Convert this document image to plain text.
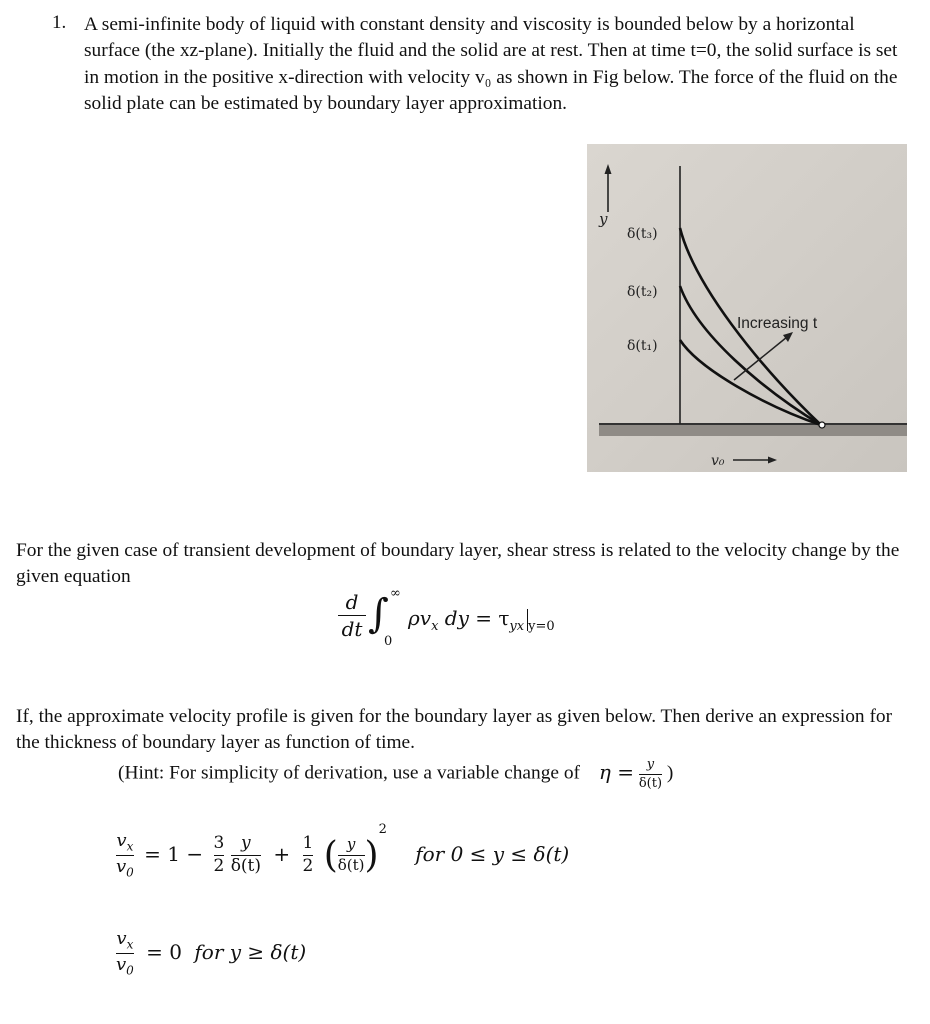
1. A semi-infinite body of liquid with constant density and viscosity is bounded below by a horizontal surface (the xz-plane). Initially the fluid and the solid are at rest. Then at time t=0, the solid surface is set in motion in the positive x-direction with velocity v₀ as shown in Fig below. The force of the fluid on the solid plate can be estimated by boundary layer approximation.
y
δ(t₃)
δ(t₂)
δ(t₁)
Increasing t
v₀
For the given case of transient development of boundary layer, shear stress is related to the velocity change by the given equation
d
dt ∫ ∞
0
$\rho v_x$ dy = $\tau_{yx}$ $_{y=0}$
If, the approximate velocity profile is given for the boundary layer as given below. Then derive an expression for the thickness of boundary layer as function of time.
(Hint: For simplicity of derivation, use a variable change of $\eta = \frac{y}{\delta(t)}$ )
$\frac{v_x}{v_0} = 1 - \frac{3}{2}$
$\frac{y}{\delta(t)} + \frac{1}{2}$ ( $\frac{y}{\delta(t)} )^2$ for 0 ≤ y ≤ δ(t)
$\frac{v_x}{v_0} = 0$ for y ≥ δ(t)
